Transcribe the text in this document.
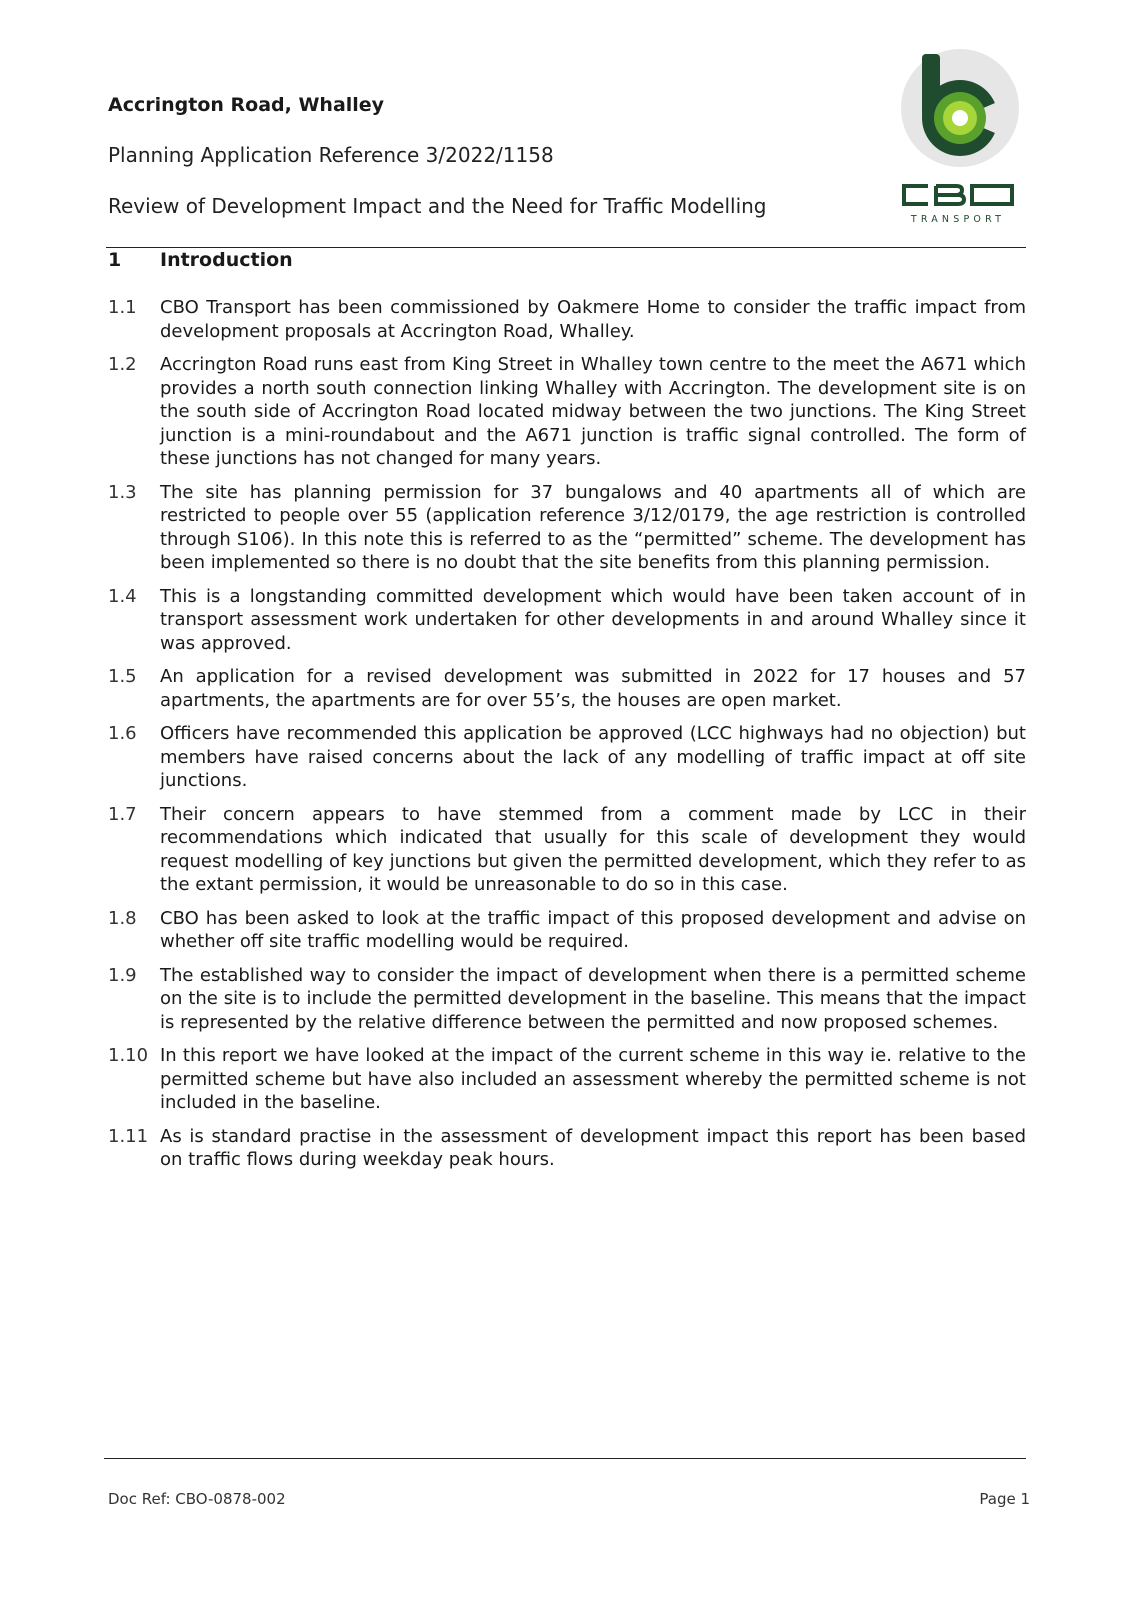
Accrington Road, Whalley
Planning Application Reference 3/2022/1158
Review of Development Impact and the Need for Traffic Modelling
TRANSPORT
1	Introduction
1.1	CBO Transport has been commissioned by Oakmere Home to consider the traffic impact from development proposals at Accrington Road, Whalley.
1.2	Accrington Road runs east from King Street in Whalley town centre to the meet the A671 which provides a north south connection linking Whalley with Accrington. The development site is on the south side of Accrington Road located midway between the two junctions. The King Street junction is a mini-roundabout and the A671 junction is traffic signal controlled. The form of these junctions has not changed for many years.
1.3	The site has planning permission for 37 bungalows and 40 apartments all of which are restricted to people over 55 (application reference 3/12/0179, the age restriction is controlled through S106). In this note this is referred to as the “permitted” scheme. The development has been implemented so there is no doubt that the site benefits from this planning permission.
1.4	This is a longstanding committed development which would have been taken account of in transport assessment work undertaken for other developments in and around Whalley since it was approved.
1.5	An application for a revised development was submitted in 2022 for 17 houses and 57 apartments, the apartments are for over 55’s, the houses are open market.
1.6	Officers have recommended this application be approved (LCC highways had no objection) but members have raised concerns about the lack of any modelling of traffic impact at off site junctions.
1.7	Their concern appears to have stemmed from a comment made by LCC in their recommendations which indicated that usually for this scale of development they would request modelling of key junctions but given the permitted development, which they refer to as the extant permission, it would be unreasonable to do so in this case.
1.8	CBO has been asked to look at the traffic impact of this proposed development and advise on whether off site traffic modelling would be required.
1.9	The established way to consider the impact of development when there is a permitted scheme on the site is to include the permitted development in the baseline. This means that the impact is represented by the relative difference between the permitted and now proposed schemes.
1.10 In this report we have looked at the impact of the current scheme in this way ie. relative to the permitted scheme but have also included an assessment whereby the permitted scheme is not included in the baseline.
1.11 As is standard practise in the assessment of development impact this report has been based on traffic flows during weekday peak hours.
Doc Ref: CBO-0878-002	Page 1
